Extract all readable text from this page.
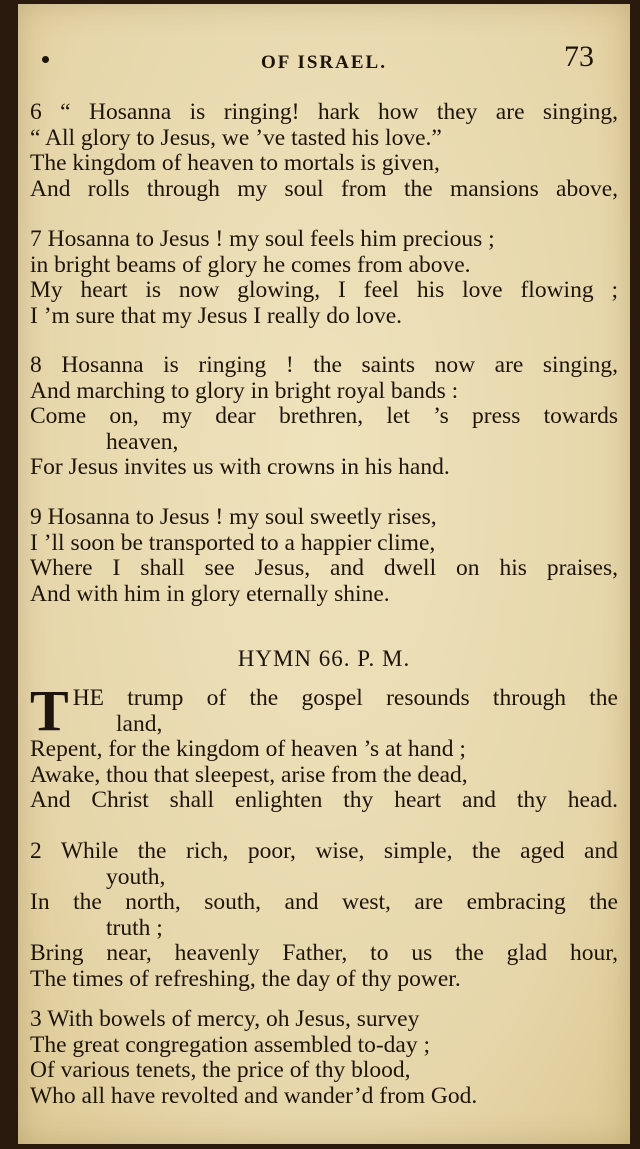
OF ISRAEL.	73
6 “ Hosanna is ringing! hark how they are singing,
“ All glory to Jesus, we ’ve tasted his love.”
The kingdom of heaven to mortals is given,
And rolls through my soul from the mansions above,
7 Hosanna to Jesus ! my soul feels him precious ;
in bright beams of glory he comes from above.
My heart is now glowing, I feel his love flowing ;
I ’m sure that my Jesus I really do love.
8 Hosanna is ringing ! the saints now are singing,
And marching to glory in bright royal bands :
Come on, my dear brethren, let ’s press towards
heaven,
For Jesus invites us with crowns in his hand.
9 Hosanna to Jesus ! my soul sweetly rises,
I ’ll soon be transported to a happier clime,
Where I shall see Jesus, and dwell on his praises,
And with him in glory eternally shine.
HYMN 66. P. M.
T HE trump of the gospel resounds through the
land,
Repent, for the kingdom of heaven ’s at hand ;
Awake, thou that sleepest, arise from the dead,
And Christ shall enlighten thy heart and thy head.
2 While the rich, poor, wise, simple, the aged and
youth,
In the north, south, and west, are embracing the
truth ;
Bring near, heavenly Father, to us the glad hour,
The times of refreshing, the day of thy power.
3 With bowels of mercy, oh Jesus, survey
The great congregation assembled to-day ;
Of various tenets, the price of thy blood,
Who all have revolted and wander’d from God.
